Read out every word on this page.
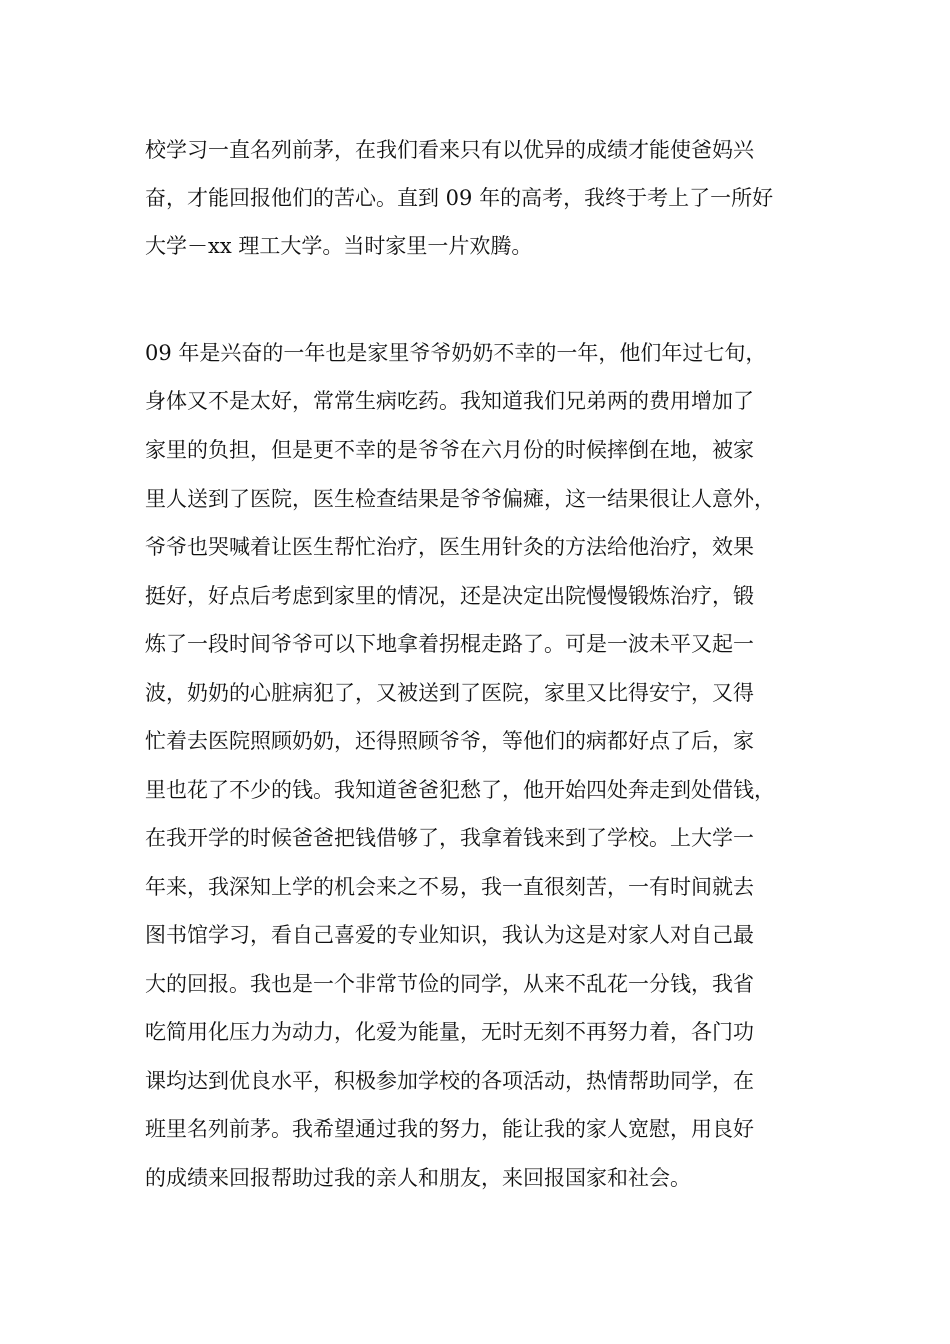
校学习一直名列前茅，在我们看来只有以优异的成绩才能使爸妈兴
奋，才能回报他们的苦心。直到 09 年的高考，我终于考上了一所好
大学－xx 理工大学。当时家里一片欢腾。
09 年是兴奋的一年也是家里爷爷奶奶不幸的一年，他们年过七旬，
身体又不是太好，常常生病吃药。我知道我们兄弟两的费用增加了
家里的负担，但是更不幸的是爷爷在六月份的时候摔倒在地，被家
里人送到了医院，医生检查结果是爷爷偏瘫，这一结果很让人意外，
爷爷也哭喊着让医生帮忙治疗，医生用针灸的方法给他治疗，效果
挺好，好点后考虑到家里的情况，还是决定出院慢慢锻炼治疗，锻
炼了一段时间爷爷可以下地拿着拐棍走路了。可是一波未平又起一
波，奶奶的心脏病犯了，又被送到了医院，家里又比得安宁，又得
忙着去医院照顾奶奶，还得照顾爷爷，等他们的病都好点了后，家
里也花了不少的钱。我知道爸爸犯愁了，他开始四处奔走到处借钱，
在我开学的时候爸爸把钱借够了，我拿着钱来到了学校。上大学一
年来，我深知上学的机会来之不易，我一直很刻苦，一有时间就去
图书馆学习，看自己喜爱的专业知识，我认为这是对家人对自己最
大的回报。我也是一个非常节俭的同学，从来不乱花一分钱，我省
吃简用化压力为动力，化爱为能量，无时无刻不再努力着，各门功
课均达到优良水平，积极参加学校的各项活动，热情帮助同学，在
班里名列前茅。我希望通过我的努力，能让我的家人宽慰，用良好
的成绩来回报帮助过我的亲人和朋友，来回报国家和社会。
